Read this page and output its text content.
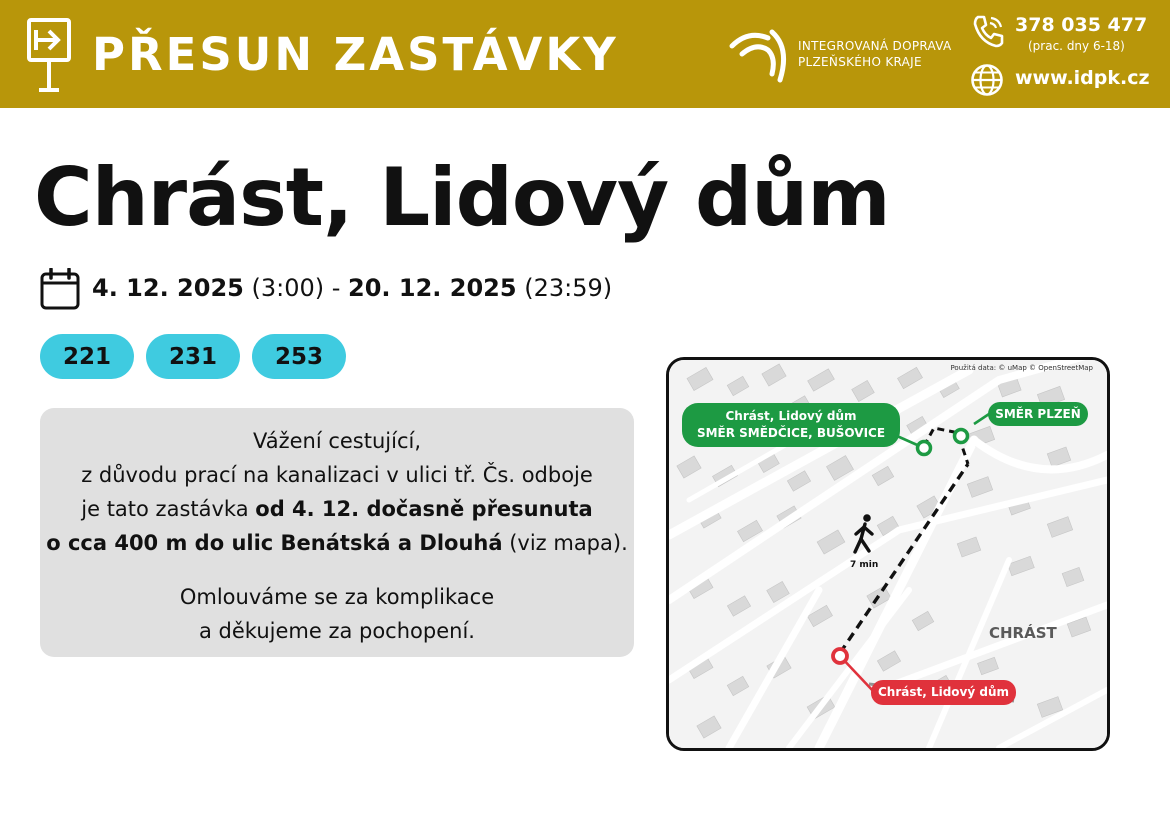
PŘESUN ZASTÁVKY	INTEGROVANÁ DOPRAVA
PLZEŇSKÉHO KRAJE
378 035 477
(prac. dny 6-18)
www.idpk.cz
Chrást, Lidový dům
4. 12. 2025 (3:00) - 20. 12. 2025 (23:59)
221	231	253

Vážení cestující,
z důvodu prací na kanalizaci v ulici tř. Čs. odboje
je tato zastávka od 4. 12. dočasně přesunuta
o cca 400 m do ulic Benátská a Dlouhá (viz mapa).

Omlouváme se za komplikace
a děkujeme za pochopení.

Použitá data: © uMap © OpenStreetMap
Chrást, Lidový dům
SMĚR SMĚDČICE, BUŠOVICE
SMĚR PLZEŇ
7 min
CHRÁST
Chrást, Lidový dům
